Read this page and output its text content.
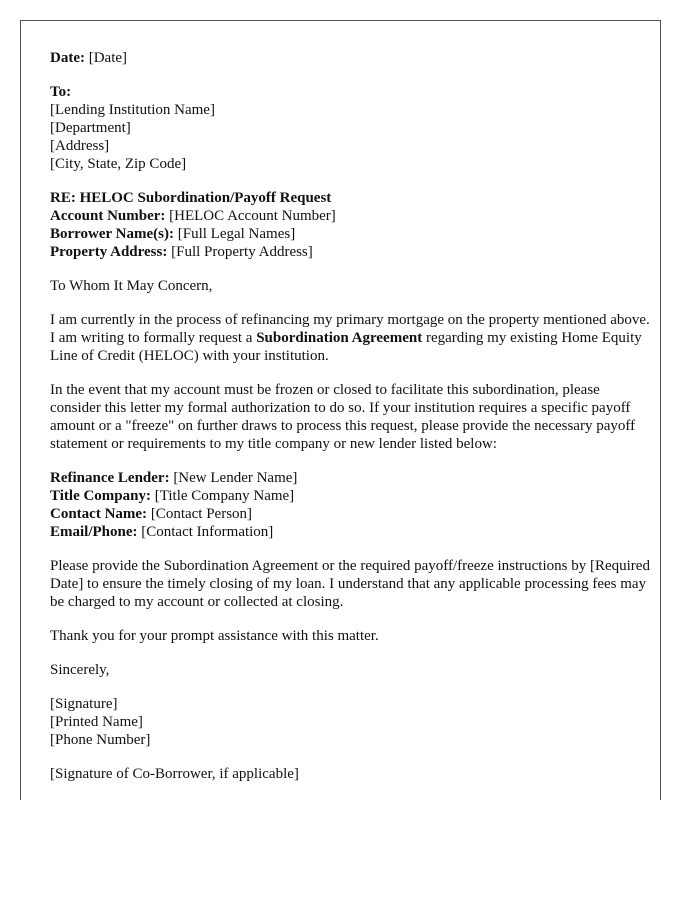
Date: [Date]
To:
[Lending Institution Name]
[Department]
[Address]
[City, State, Zip Code]
RE: HELOC Subordination/Payoff Request
Account Number: [HELOC Account Number]
Borrower Name(s): [Full Legal Names]
Property Address: [Full Property Address]
To Whom It May Concern,
I am currently in the process of refinancing my primary mortgage on the property mentioned above. I am writing to formally request a Subordination Agreement regarding my existing Home Equity Line of Credit (HELOC) with your institution.
In the event that my account must be frozen or closed to facilitate this subordination, please consider this letter my formal authorization to do so. If your institution requires a specific payoff amount or a "freeze" on further draws to process this request, please provide the necessary payoff statement or requirements to my title company or new lender listed below:
Refinance Lender: [New Lender Name]
Title Company: [Title Company Name]
Contact Name: [Contact Person]
Email/Phone: [Contact Information]
Please provide the Subordination Agreement or the required payoff/freeze instructions by [Required Date] to ensure the timely closing of my loan. I understand that any applicable processing fees may be charged to my account or collected at closing.
Thank you for your prompt assistance with this matter.
Sincerely,
[Signature]
[Printed Name]
[Phone Number]
[Signature of Co-Borrower, if applicable]
